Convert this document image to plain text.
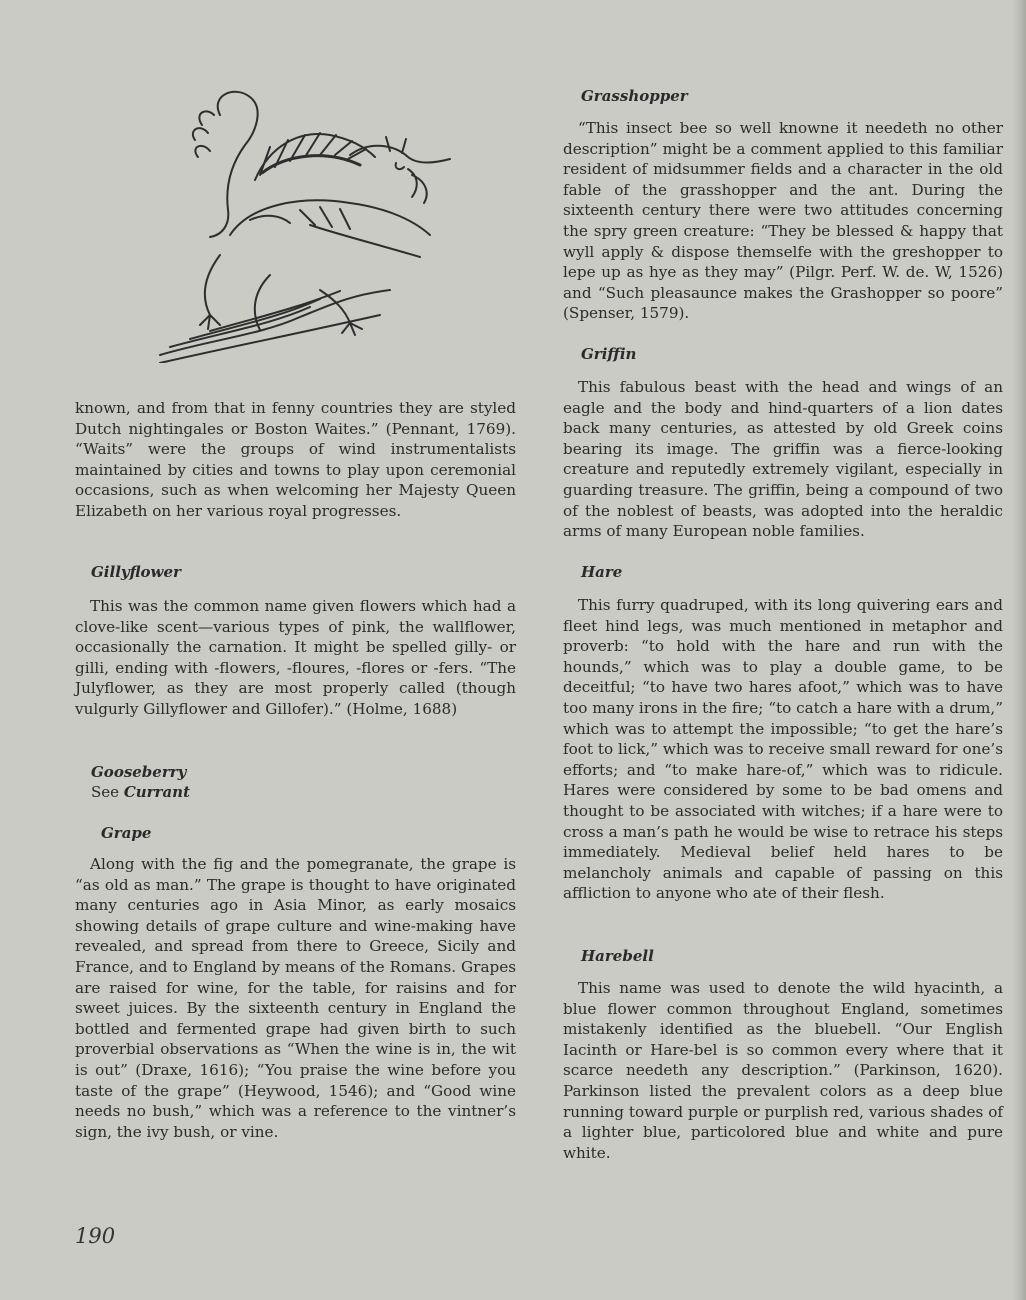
known, and from that in fenny countries they are styled Dutch nightingales or Boston Waites.” (Pennant, 1769). “Waits” were the groups of wind instrumentalists maintained by cities and towns to play upon ceremonial occasions, such as when welcoming her Majesty Queen Elizabeth on her various royal progresses.

Gillyflower

This was the common name given flowers which had a clove-like scent—various types of pink, the wallflower, occasionally the carnation. It might be spelled gilly- or gilli, ending with -flowers, -floures, -flores or -fers. “The Julyflower, as they are most properly called (though vulgurly Gillyflower and Gillofer).” (Holme, 1688)

Gooseberry

See Currant

Grape

Along with the fig and the pomegranate, the grape is “as old as man.” The grape is thought to have originated many centuries ago in Asia Minor, as early mosaics showing details of grape culture and wine-making have revealed, and spread from there to Greece, Sicily and France, and to England by means of the Romans. Grapes are raised for wine, for the table, for raisins and for sweet juices. By the sixteenth century in England the bottled and fermented grape had given birth to such proverbial observations as “When the wine is in, the wit is out” (Draxe, 1616); “You praise the wine before you taste of the grape” (Heywood, 1546); and “Good wine needs no bush,” which was a reference to the vintner’s sign, the ivy bush, or vine.

Grasshopper

“This insect bee so well knowne it needeth no other description” might be a comment applied to this familiar resident of midsummer fields and a character in the old fable of the grasshopper and the ant. During the sixteenth century there were two attitudes concerning the spry green creature: “They be blessed & happy that wyll apply & dispose themselfe with the greshopper to lepe up as hye as they may” (Pilgr. Perf. W. de. W, 1526) and “Such pleasaunce makes the Grashopper so poore” (Spenser, 1579).

Griffin

This fabulous beast with the head and wings of an eagle and the body and hind-quarters of a lion dates back many centuries, as attested by old Greek coins bearing its image. The griffin was a fierce-looking creature and reputedly extremely vigilant, especially in guarding treasure. The griffin, being a compound of two of the noblest of beasts, was adopted into the heraldic arms of many European noble families.

Hare

This furry quadruped, with its long quivering ears and fleet hind legs, was much mentioned in metaphor and proverb: “to hold with the hare and run with the hounds,” which was to play a double game, to be deceitful; “to have two hares afoot,” which was to have too many irons in the fire; “to catch a hare with a drum,” which was to attempt the impossible; “to get the hare’s foot to lick,” which was to receive small reward for one’s efforts; and “to make hare-of,” which was to ridicule. Hares were considered by some to be bad omens and thought to be associated with witches; if a hare were to cross a man’s path he would be wise to retrace his steps immediately. Medieval belief held hares to be melancholy animals and capable of passing on this affliction to anyone who ate of their flesh.

Harebell

This name was used to denote the wild hyacinth, a blue flower common throughout England, sometimes mistakenly identified as the bluebell. “Our English Iacinth or Hare-bel is so common every where that it scarce needeth any description.” (Parkinson, 1620). Parkinson listed the prevalent colors as a deep blue running toward purple or purplish red, various shades of a lighter blue, particolored blue and white and pure white.

190
